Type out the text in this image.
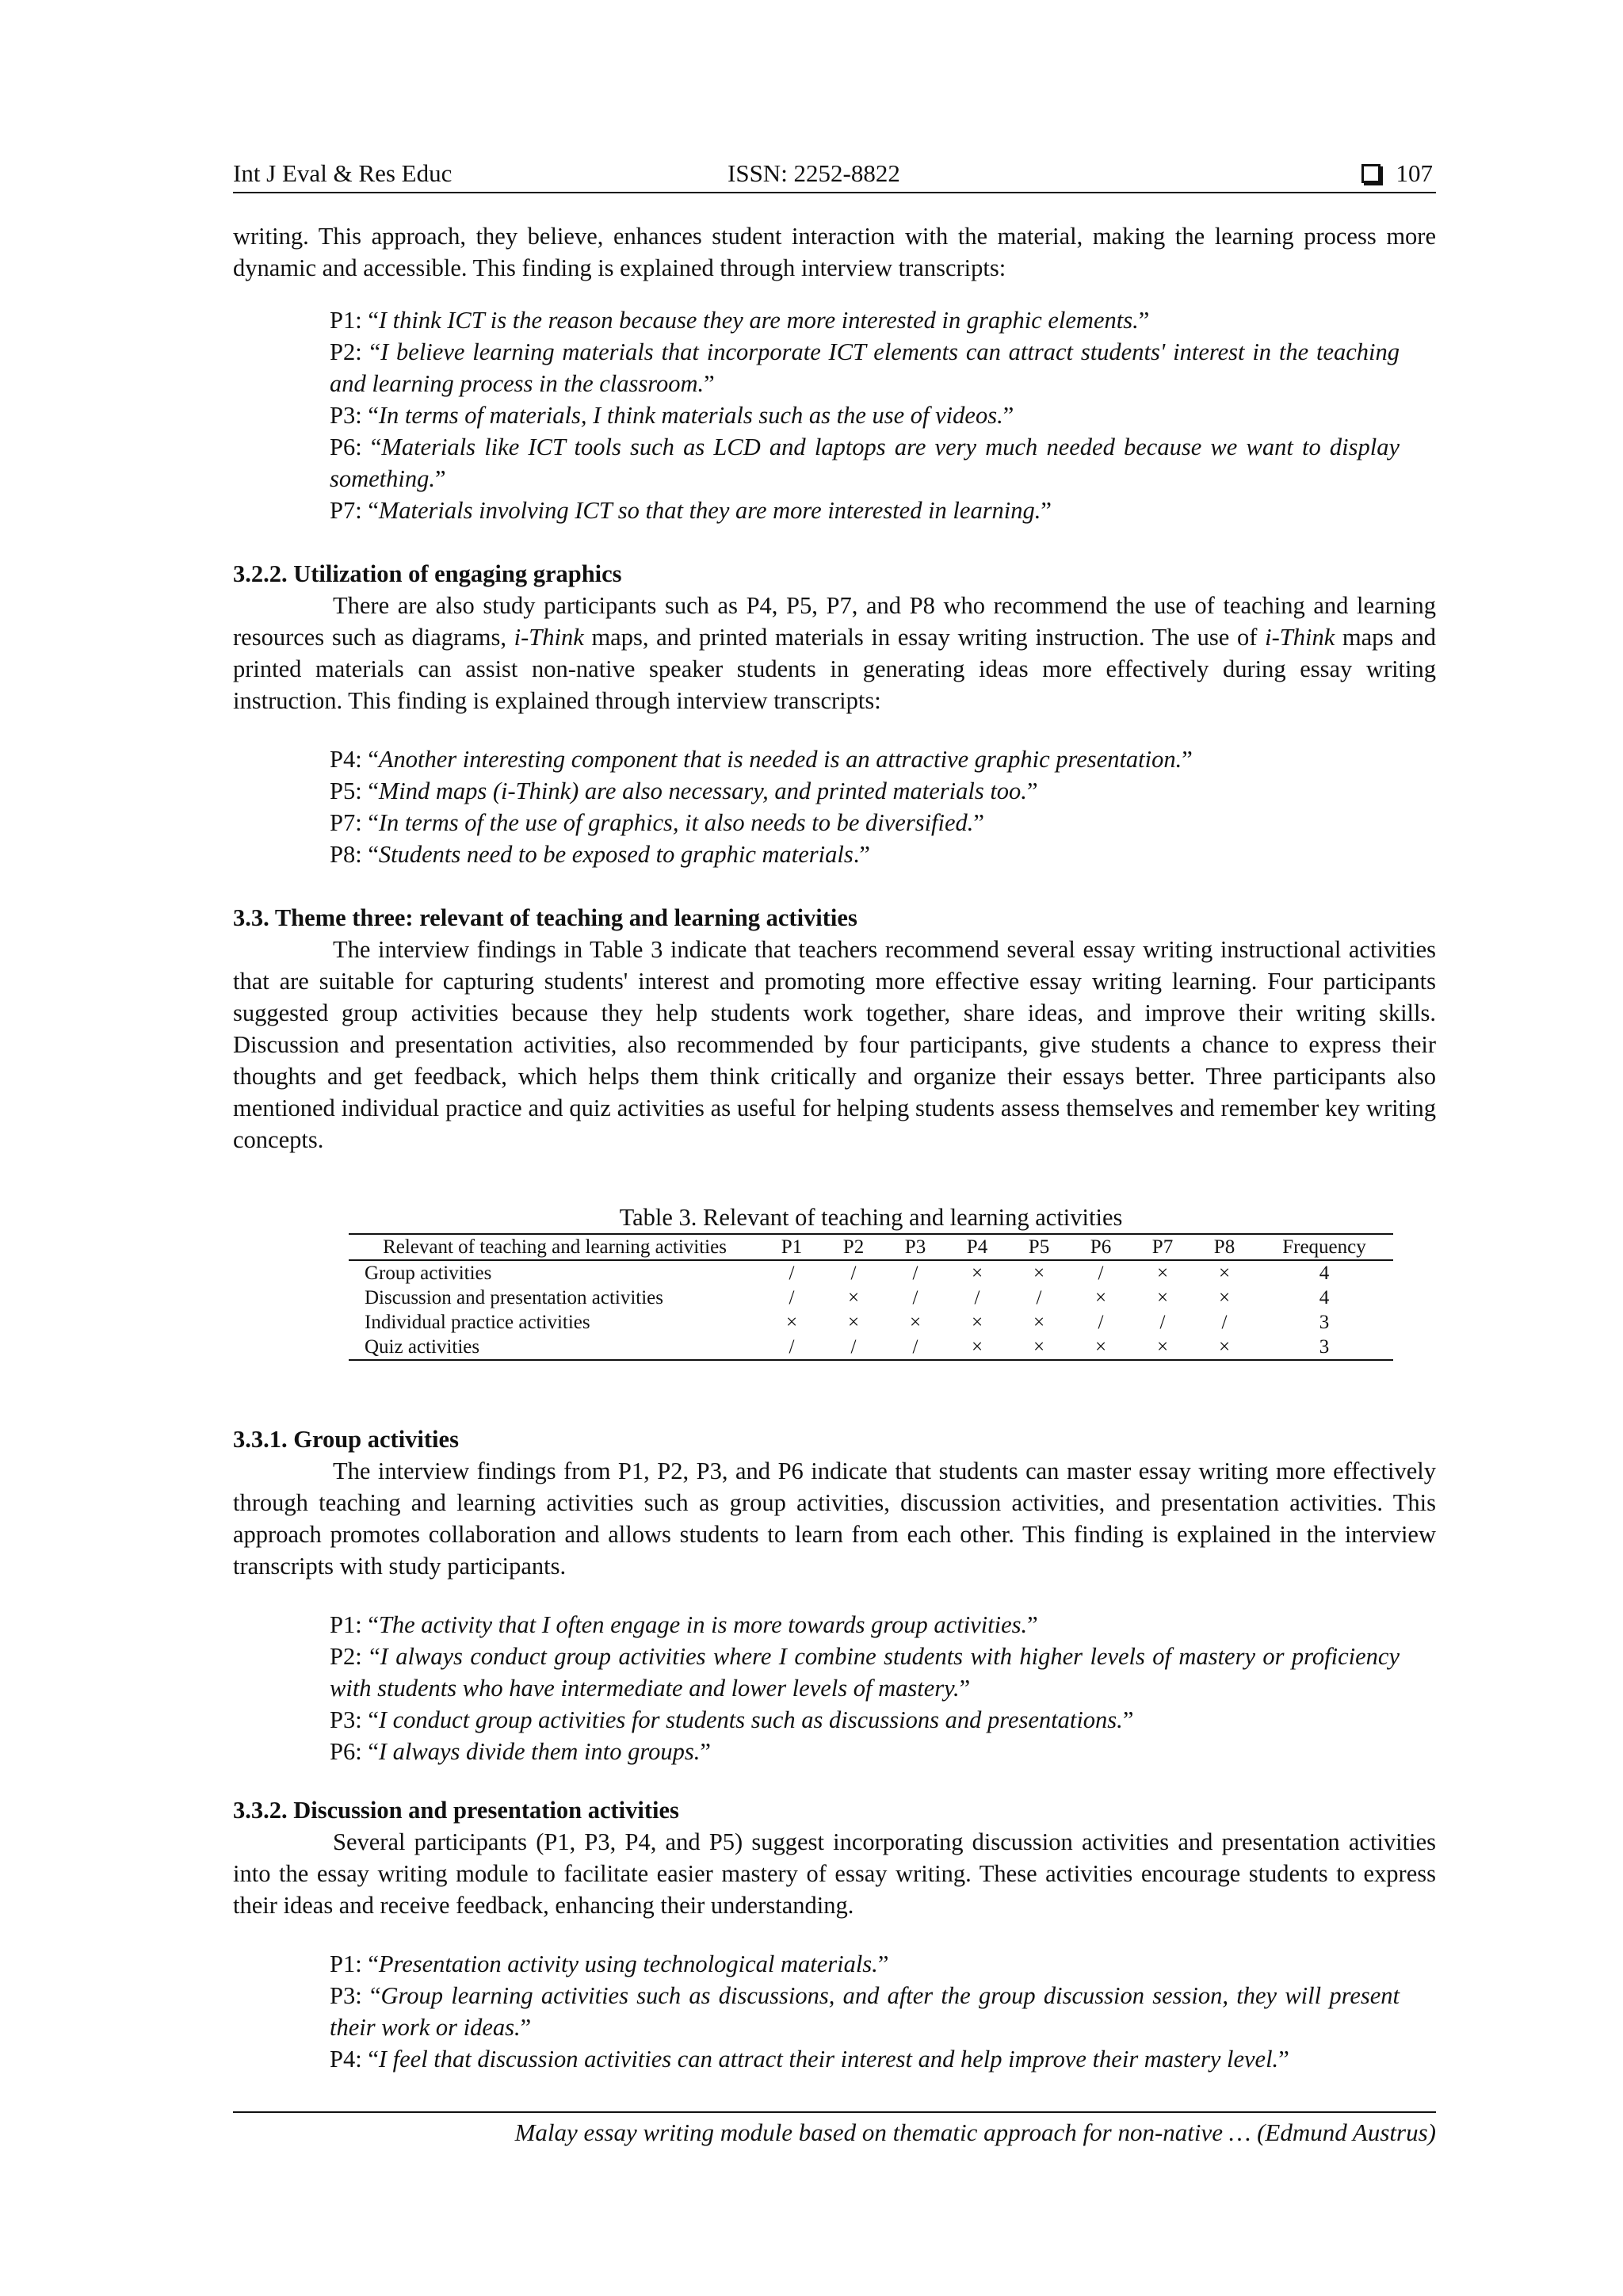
Int J Eval & Res Educ	ISSN: 2252-8822	107

writing. This approach, they believe, enhances student interaction with the material, making the learning process more dynamic and accessible. This finding is explained through interview transcripts:

P1: “I think ICT is the reason because they are more interested in graphic elements.”

P2: “I believe learning materials that incorporate ICT elements can attract students' interest in the teaching and learning process in the classroom.”

P3: “In terms of materials, I think materials such as the use of videos.”

P6: “Materials like ICT tools such as LCD and laptops are very much needed because we want to display something.”

P7: “Materials involving ICT so that they are more interested in learning.”

3.2.2. Utilization of engaging graphics

There are also study participants such as P4, P5, P7, and P8 who recommend the use of teaching and learning resources such as diagrams, i-Think maps, and printed materials in essay writing instruction. The use of i-Think maps and printed materials can assist non-native speaker students in generating ideas more effectively during essay writing instruction. This finding is explained through interview transcripts:

P4: “Another interesting component that is needed is an attractive graphic presentation.”

P5: “Mind maps (i-Think) are also necessary, and printed materials too.”

P7: “In terms of the use of graphics, it also needs to be diversified.”

P8: “Students need to be exposed to graphic materials.”

3.3. Theme three: relevant of teaching and learning activities

The interview findings in Table 3 indicate that teachers recommend several essay writing instructional activities that are suitable for capturing students' interest and promoting more effective essay writing learning. Four participants suggested group activities because they help students work together, share ideas, and improve their writing skills. Discussion and presentation activities, also recommended by four participants, give students a chance to express their thoughts and get feedback, which helps them think critically and organize their essays better. Three participants also mentioned individual practice and quiz activities as useful for helping students assess themselves and remember key writing concepts.

Table 3. Relevant of teaching and learning activities
Relevant of teaching and learning activities	P1	P2	P3	P4	P5	P6	P7	P8	Frequency
Group activities	/	/	/	×	×	/	×	×	4
Discussion and presentation activities	/	×	/	/	/	×	×	×	4
Individual practice activities	×	×	×	×	×	/	/	/	3
Quiz activities	/	/	/	×	×	×	×	×	3

3.3.1. Group activities

The interview findings from P1, P2, P3, and P6 indicate that students can master essay writing more effectively through teaching and learning activities such as group activities, discussion activities, and presentation activities. This approach promotes collaboration and allows students to learn from each other. This finding is explained in the interview transcripts with study participants.

P1: “The activity that I often engage in is more towards group activities.”

P2: “I always conduct group activities where I combine students with higher levels of mastery or proficiency with students who have intermediate and lower levels of mastery.”

P3: “I conduct group activities for students such as discussions and presentations.”

P6: “I always divide them into groups.”

3.3.2. Discussion and presentation activities

Several participants (P1, P3, P4, and P5) suggest incorporating discussion activities and presentation activities into the essay writing module to facilitate easier mastery of essay writing. These activities encourage students to express their ideas and receive feedback, enhancing their understanding.

P1: “Presentation activity using technological materials.”

P3: “Group learning activities such as discussions, and after the group discussion session, they will present their work or ideas.”

P4: “I feel that discussion activities can attract their interest and help improve their mastery level.”

Malay essay writing module based on thematic approach for non-native … (Edmund Austrus)
